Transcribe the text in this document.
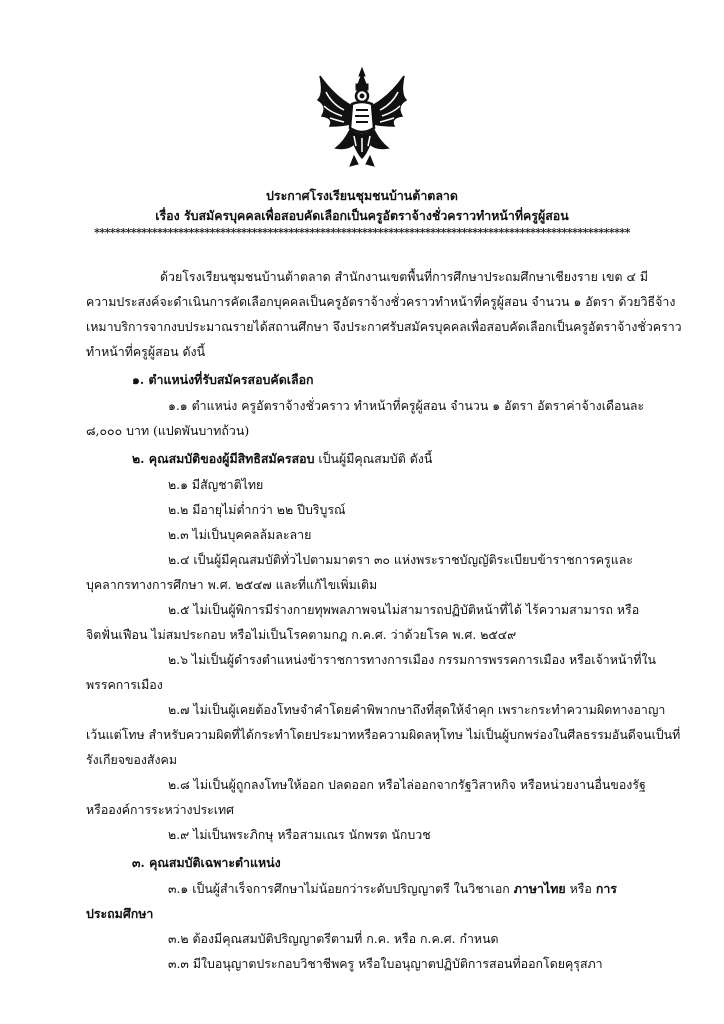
ประกาศโรงเรียนชุมชนบ้านต้าตลาด
เรื่อง รับสมัครบุคคลเพื่อสอบคัดเลือกเป็นครูอัตราจ้างชั่วคราวทำหน้าที่ครูผู้สอน
******************************************************************************************************
ด้วยโรงเรียนชุมชนบ้านต้าตลาด สำนักงานเขตพื้นที่การศึกษาประถมศึกษาเชียงราย เขต ๔ มี
ความประสงค์จะดำเนินการคัดเลือกบุคคลเป็นครูอัตราจ้างชั่วคราวทำหน้าที่ครูผู้สอน จำนวน ๑ อัตรา ด้วยวิธีจ้าง
เหมาบริการจากงบประมาณรายได้สถานศึกษา จึงประกาศรับสมัครบุคคลเพื่อสอบคัดเลือกเป็นครูอัตราจ้างชั่วคราว
ทำหน้าที่ครูผู้สอน ดังนี้
๑. ตำแหน่งที่รับสมัครสอบคัดเลือก
๑.๑ ตำแหน่ง ครูอัตราจ้างชั่วคราว ทำหน้าที่ครูผู้สอน จำนวน ๑ อัตรา อัตราค่าจ้างเดือนละ
๘,๐๐๐ บาท (แปดพันบาทถ้วน)
๒. คุณสมบัติของผู้มีสิทธิสมัครสอบ เป็นผู้มีคุณสมบัติ ดังนี้
๒.๑ มีสัญชาติไทย
๒.๒ มีอายุไม่ต่ำกว่า ๒๒ ปีบริบูรณ์
๒.๓ ไม่เป็นบุคคลล้มละลาย
๒.๔ เป็นผู้มีคุณสมบัติทั่วไปตามมาตรา ๓๐ แห่งพระราชบัญญัติระเบียบข้าราชการครูและ
บุคลากรทางการศึกษา พ.ศ. ๒๕๔๗ และที่แก้ไขเพิ่มเติม
๒.๕ ไม่เป็นผู้พิการมีร่างกายทุพพลภาพจนไม่สามารถปฏิบัติหน้าที่ได้ ไร้ความสามารถ หรือ
จิตฟั่นเฟือน ไม่สมประกอบ หรือไม่เป็นโรคตามกฎ ก.ค.ศ. ว่าด้วยโรค พ.ศ. ๒๕๔๙
๒.๖ ไม่เป็นผู้ดำรงตำแหน่งข้าราชการทางการเมือง กรรมการพรรคการเมือง หรือเจ้าหน้าที่ใน
พรรคการเมือง
๒.๗ ไม่เป็นผู้เคยต้องโทษจำคำโดยคำพิพากษาถึงที่สุดให้จำคุก เพราะกระทำความผิดทางอาญา
เว้นแต่โทษ สำหรับความผิดที่ได้กระทำโดยประมาทหรือความผิดลหุโทษ ไม่เป็นผู้บกพร่องในศีลธรรมอันดีจนเป็นที่
รังเกียจของสังคม
๒.๘ ไม่เป็นผู้ถูกลงโทษให้ออก ปลดออก หรือไล่ออกจากรัฐวิสาหกิจ หรือหน่วยงานอื่นของรัฐ
หรือองค์การระหว่างประเทศ
๒.๙ ไม่เป็นพระภิกษุ หรือสามเณร นักพรต นักบวช
๓. คุณสมบัติเฉพาะตำแหน่ง
๓.๑ เป็นผู้สำเร็จการศึกษาไม่น้อยกว่าระดับปริญญาตรี ในวิชาเอก ภาษาไทย หรือ การ
ประถมศึกษา
๓.๒ ต้องมีคุณสมบัติปริญญาตรีตามที่ ก.ค. หรือ ก.ค.ศ. กำหนด
๓.๓ มีใบอนุญาตประกอบวิชาชีพครู หรือใบอนุญาตปฏิบัติการสอนที่ออกโดยคุรุสภา
